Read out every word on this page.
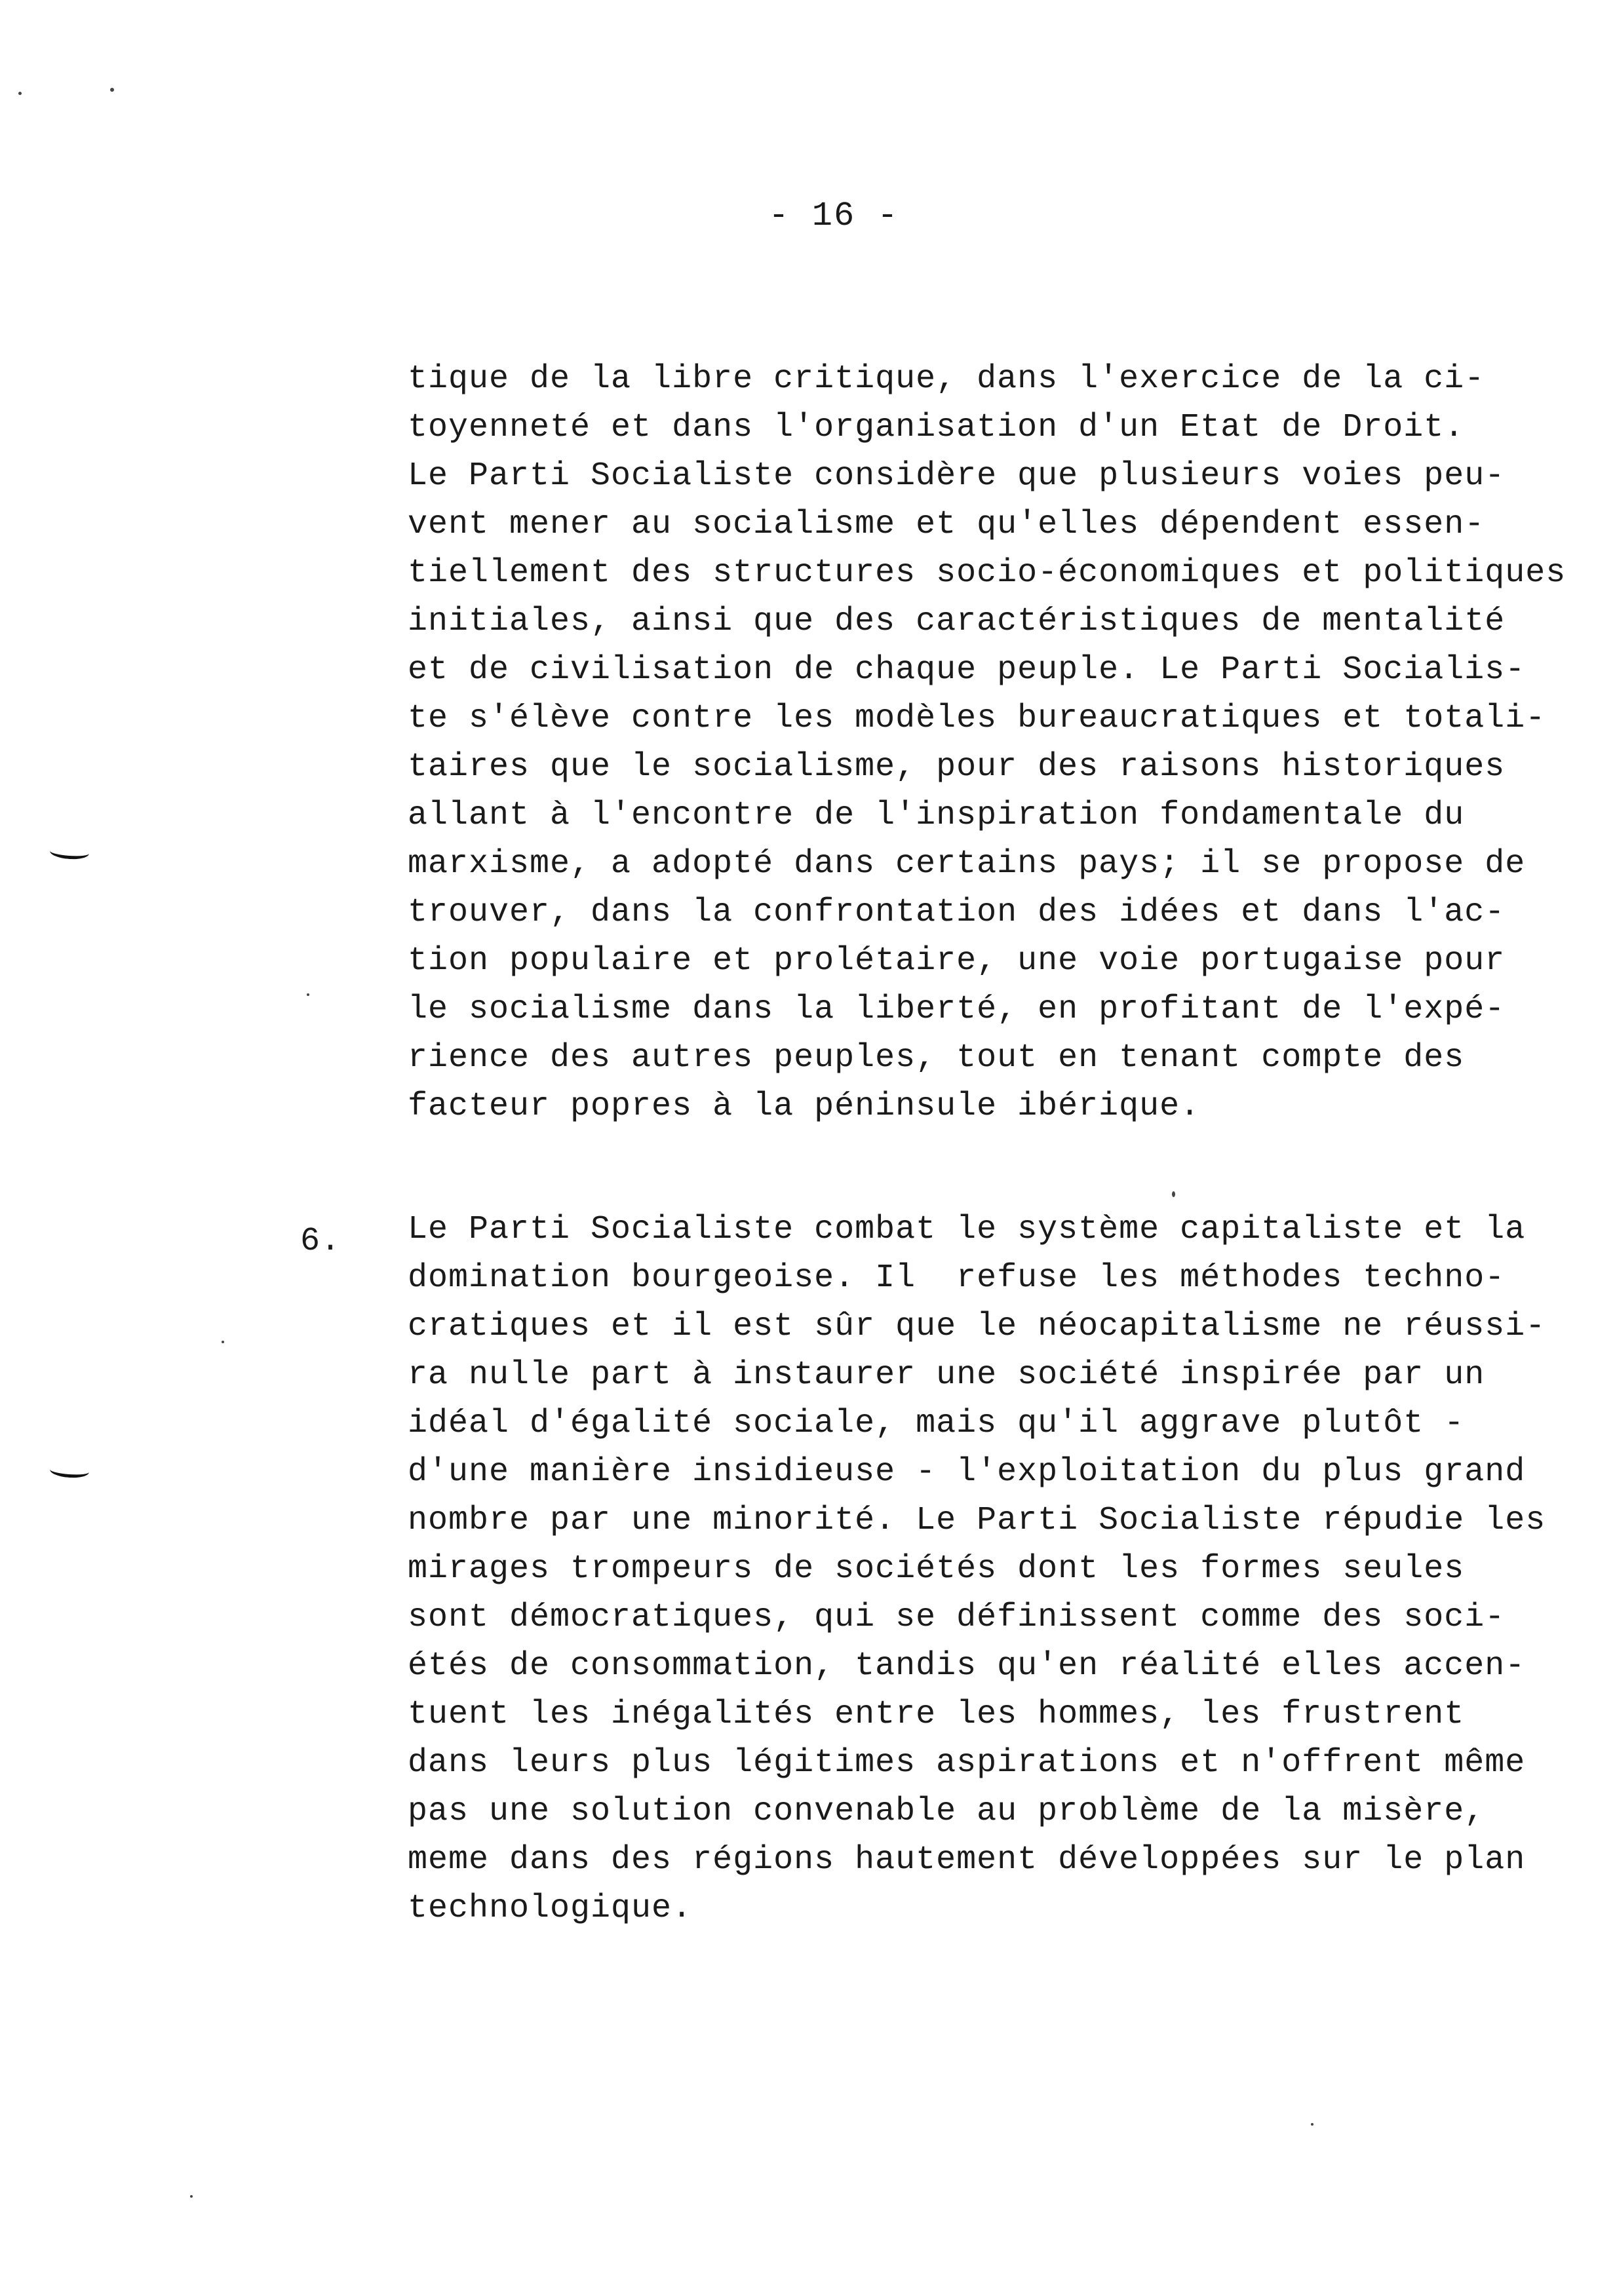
- 16 -
tique de la libre critique, dans l'exercice de la ci-
toyenneté et dans l'organisation d'un Etat de Droit.
Le Parti Socialiste considère que plusieurs voies peu-
vent mener au socialisme et qu'elles dépendent essen-
tiellement des structures socio-économiques et politiques
initiales, ainsi que des caractéristiques de mentalité
et de civilisation de chaque peuple. Le Parti Socialis-
te s'élève contre les modèles bureaucratiques et totali-
taires que le socialisme, pour des raisons historiques
allant à l'encontre de l'inspiration fondamentale du
marxisme, a adopté dans certains pays; il se propose de
trouver, dans la confrontation des idées et dans l'ac-
tion populaire et prolétaire, une voie portugaise pour
le socialisme dans la liberté, en profitant de l'expé-
rience des autres peuples, tout en tenant compte des
facteur popres à la péninsule ibérique.
6. Le Parti Socialiste combat le système capitaliste et la
domination bourgeoise. Il  refuse les méthodes techno-
cratiques et il est sûr que le néocapitalisme ne réussi-
ra nulle part à instaurer une société inspirée par un
idéal d'égalité sociale, mais qu'il aggrave plutôt -
d'une manière insidieuse - l'exploitation du plus grand
nombre par une minorité. Le Parti Socialiste répudie les
mirages trompeurs de sociétés dont les formes seules
sont démocratiques, qui se définissent comme des soci-
étés de consommation, tandis qu'en réalité elles accen-
tuent les inégalités entre les hommes, les frustrent
dans leurs plus légitimes aspirations et n'offrent même
pas une solution convenable au problème de la misère,
meme dans des régions hautement développées sur le plan
technologique.
